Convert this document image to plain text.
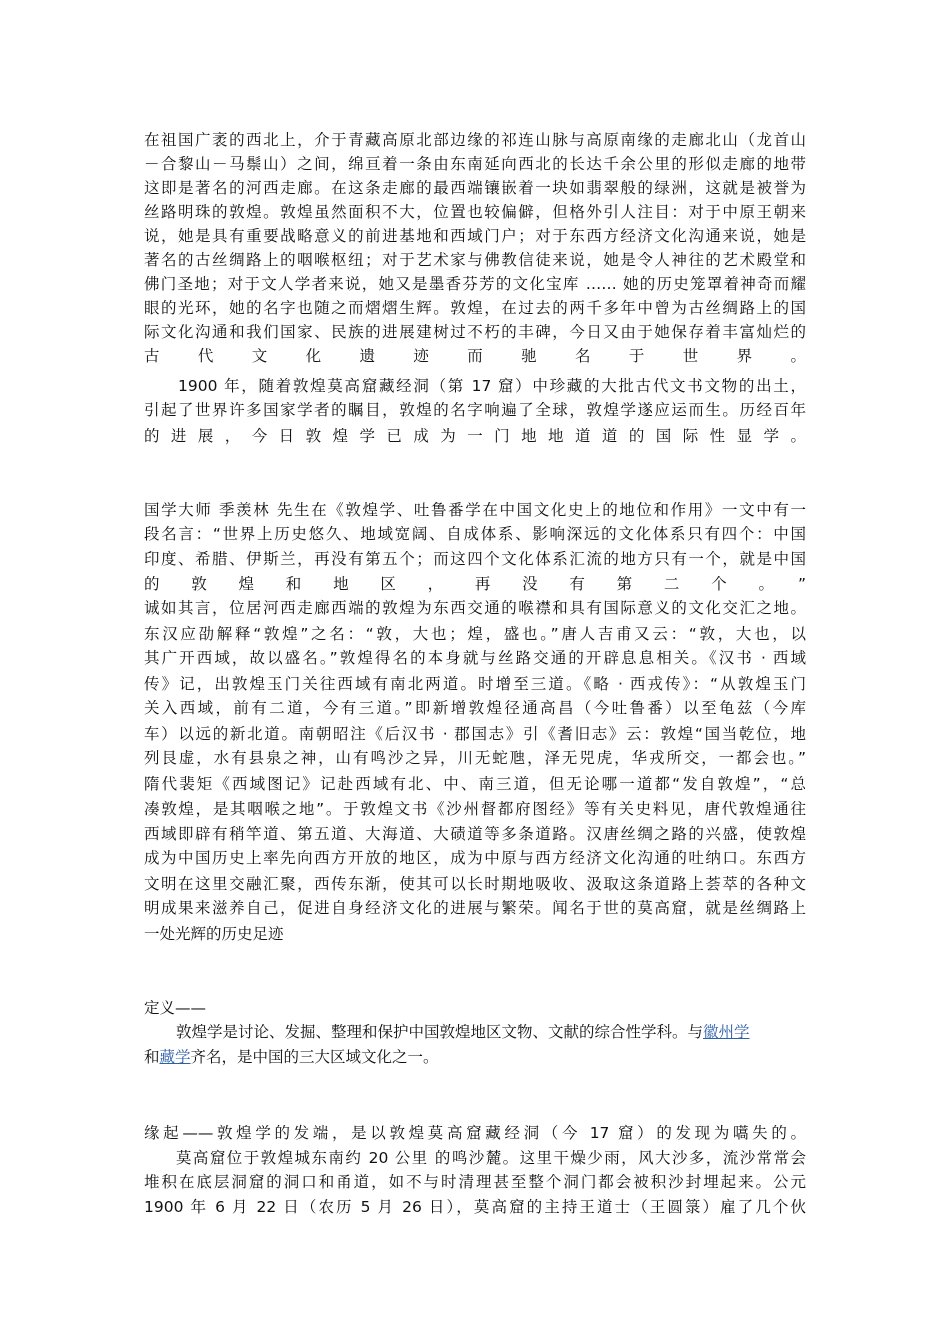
在祖国广袤的西北上，介于青藏高原北部边缘的祁连山脉与高原南缘的走廊北山（龙首山
－合黎山－马鬃山）之间，绵亘着一条由东南延向西北的长达千余公里的形似走廊的地带
这即是著名的河西走廊。在这条走廊的最西端镶嵌着一块如翡翠般的绿洲，这就是被誉为
丝路明珠的敦煌。敦煌虽然面积不大，位置也较偏僻，但格外引人注目：对于中原王朝来
说，她是具有重要战略意义的前进基地和西域门户；对于东西方经济文化沟通来说，她是
著名的古丝绸路上的咽喉枢纽；对于艺术家与佛教信徒来说，她是令人神往的艺术殿堂和
佛门圣地；对于文人学者来说，她又是墨香芬芳的文化宝库 …… 她的历史笼罩着神奇而耀
眼的光环，她的名字也随之而熠熠生辉。敦煌，在过去的两千多年中曾为古丝绸路上的国
际文化沟通和我们国家、民族的进展建树过不朽的丰碑，今日又由于她保存着丰富灿烂的
古代文化遗迹而驰名于世界。
1900 年，随着敦煌莫高窟藏经洞（第 17 窟）中珍藏的大批古代文书文物的出土，
引起了世界许多国家学者的瞩目，敦煌的名字响遍了全球，敦煌学遂应运而生。历经百年
的进展，今日敦煌学已成为一门地地道道的国际性显学。
国学大师 季羡林 先生在《敦煌学、吐鲁番学在中国文化史上的地位和作用》一文中有一
段名言：“世界上历史悠久、地域宽阔、自成体系、影响深远的文化体系只有四个：中国
印度、希腊、伊斯兰，再没有第五个；而这四个文化体系汇流的地方只有一个，就是中国
的敦煌和地区，再没有第二个。”
诚如其言，位居河西走廊西端的敦煌为东西交通的喉襟和具有国际意义的文化交汇之地。
东汉应劭解释“敦煌”之名：“敦，大也；煌，盛也。”唐人吉甫又云：“敦，大也，以
其广开西域，故以盛名。”敦煌得名的本身就与丝路交通的开辟息息相关。《汉书 · 西域
传》记，出敦煌玉门关往西域有南北两道。时增至三道。《略 · 西戎传》：“从敦煌玉门
关入西域，前有二道，今有三道。”即新增敦煌径通高昌（今吐鲁番）以至龟兹（今库
车）以远的新北道。南朝昭注《后汉书 · 郡国志》引《耆旧志》云：敦煌“国当乾位，地
列艮虚，水有县泉之神，山有鸣沙之异，川无蛇虺，泽无兕虎，华戎所交，一都会也。”
隋代裴矩《西域图记》记赴西域有北、中、南三道，但无论哪一道都“发自敦煌”，“总
凑敦煌，是其咽喉之地”。于敦煌文书《沙州督都府图经》等有关史料见，唐代敦煌通往
西域即辟有稍竿道、第五道、大海道、大碛道等多条道路。汉唐丝绸之路的兴盛，使敦煌
成为中国历史上率先向西方开放的地区，成为中原与西方经济文化沟通的吐纳口。东西方
文明在这里交融汇聚，西传东渐，使其可以长时期地吸收、汲取这条道路上荟萃的各种文
明成果来滋养自己，促进自身经济文化的进展与繁荣。闻名于世的莫高窟，就是丝绸路上
一处光辉的历史足迹
定义——
敦煌学是讨论、发掘、整理和保护中国敦煌地区文物、文献的综合性学科。与徽州学
和藏学齐名，是中国的三大区域文化之一。
缘起——敦煌学的发端，是以敦煌莫高窟藏经洞（今 17 窟）的发现为嚆失的。
莫高窟位于敦煌城东南约 20 公里 的鸣沙麓。这里干燥少雨，风大沙多，流沙常常会
堆积在底层洞窟的洞口和甬道，如不与时清理甚至整个洞门都会被积沙封埋起来。公元
1900 年 6 月 22 日（农历 5 月 26 日），莫高窟的主持王道士（王圆箓）雇了几个伙
